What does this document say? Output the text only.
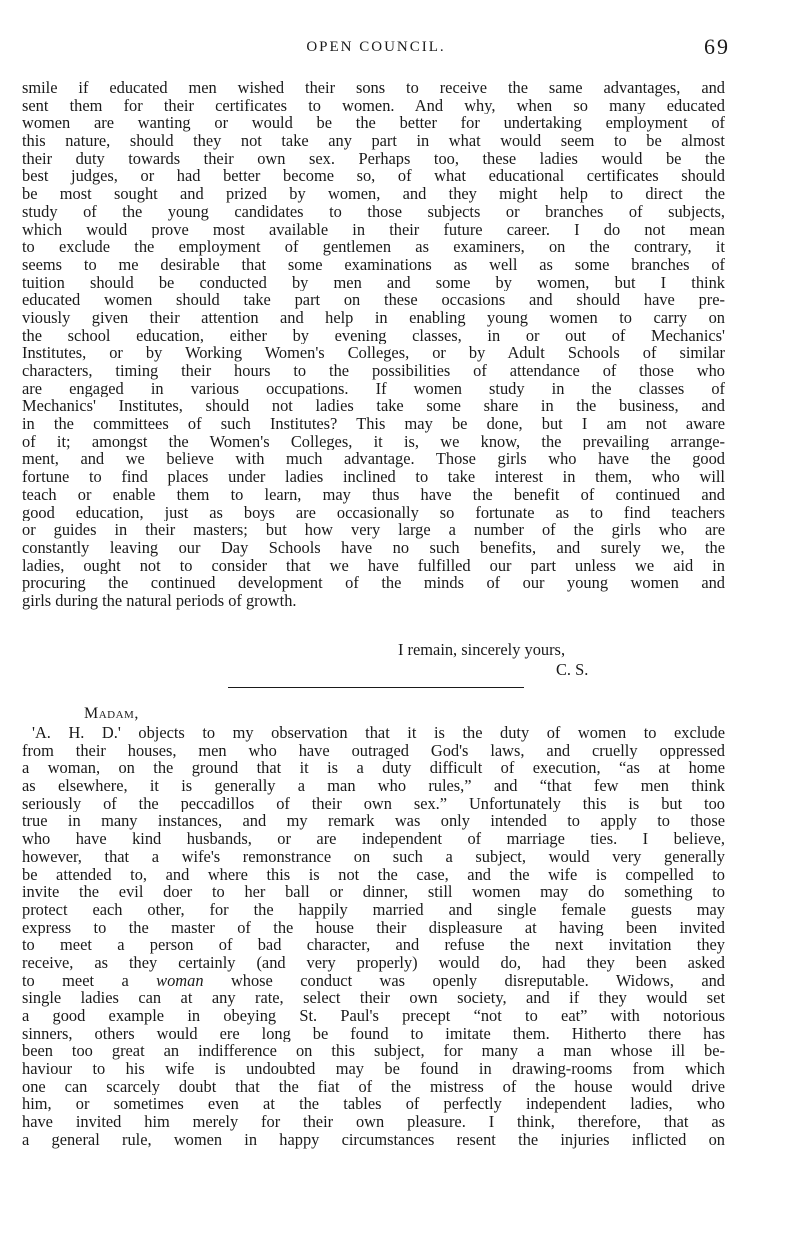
OPEN COUNCIL.	69
smile if educated men wished their sons to receive the same advantages, and
sent them for their certificates to women. And why, when so many educated
women are wanting or would be the better for undertaking employment of
this nature, should they not take any part in what would seem to be almost
their duty towards their own sex. Perhaps too, these ladies would be the
best judges, or had better become so, of what educational certificates should
be most sought and prized by women, and they might help to direct the
study of the young candidates to those subjects or branches of subjects,
which would prove most available in their future career. I do not mean
to exclude the employment of gentlemen as examiners, on the contrary, it
seems to me desirable that some examinations as well as some branches of
tuition should be conducted by men and some by women, but I think
educated women should take part on these occasions and should have pre-
viously given their attention and help in enabling young women to carry on
the school education, either by evening classes, in or out of Mechanics'
Institutes, or by Working Women's Colleges, or by Adult Schools of similar
characters, timing their hours to the possibilities of attendance of those who
are engaged in various occupations. If women study in the classes of
Mechanics' Institutes, should not ladies take some share in the business, and
in the committees of such Institutes? This may be done, but I am not aware
of it; amongst the Women's Colleges, it is, we know, the prevailing arrange-
ment, and we believe with much advantage. Those girls who have the good
fortune to find places under ladies inclined to take interest in them, who will
teach or enable them to learn, may thus have the benefit of continued and
good education, just as boys are occasionally so fortunate as to find teachers
or guides in their masters; but how very large a number of the girls who are
constantly leaving our Day Schools have no such benefits, and surely we, the
ladies, ought not to consider that we have fulfilled our part unless we aid in
procuring the continued development of the minds of our young women and
girls during the natural periods of growth.
I remain, sincerely yours,
C. S.
Madam,
'A. H. D.' objects to my observation that it is the duty of women to exclude
from their houses, men who have outraged God's laws, and cruelly oppressed
a woman, on the ground that it is a duty difficult of execution, “as at home
as elsewhere, it is generally a man who rules,” and “that few men think
seriously of the peccadillos of their own sex.” Unfortunately this is but too
true in many instances, and my remark was only intended to apply to those
who have kind husbands, or are independent of marriage ties. I believe,
however, that a wife's remonstrance on such a subject, would very generally
be attended to, and where this is not the case, and the wife is compelled to
invite the evil doer to her ball or dinner, still women may do something to
protect each other, for the happily married and single female guests may
express to the master of the house their displeasure at having been invited
to meet a person of bad character, and refuse the next invitation they
receive, as they certainly (and very properly) would do, had they been asked
to meet a woman whose conduct was openly disreputable. Widows, and
single ladies can at any rate, select their own society, and if they would set
a good example in obeying St. Paul's precept “not to eat” with notorious
sinners, others would ere long be found to imitate them. Hitherto there has
been too great an indifference on this subject, for many a man whose ill be-
haviour to his wife is undoubted may be found in drawing-rooms from which
one can scarcely doubt that the fiat of the mistress of the house would drive
him, or sometimes even at the tables of perfectly independent ladies, who
have invited him merely for their own pleasure. I think, therefore, that as
a general rule, women in happy circumstances resent the injuries inflicted on
